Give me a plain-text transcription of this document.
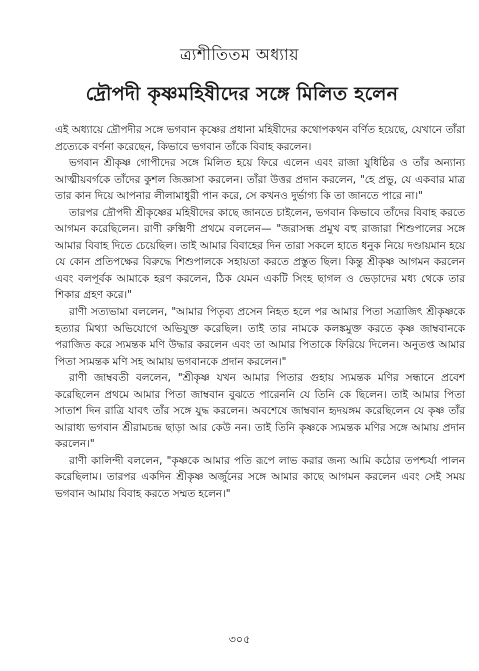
ত্র্যশীতিতম অধ্যায়
দ্রৌপদী কৃষ্ণমহিষীদের সঙ্গে মিলিত হলেন

এই অধ্যায়ে দ্রৌপদীর সঙ্গে ভগবান কৃষ্ণের প্রধানা মহিষীদের কথোপকথন বর্ণিত হয়েছে, যেখানে তাঁরা প্রত্যেকে বর্ণনা করেছেন, কিভাবে ভগবান তাঁকে বিবাহ করলেন।

ভগবান শ্রীকৃষ্ণ গোপীদের সঙ্গে মিলিত হয়ে ফিরে এলেন এবং রাজা যুধিষ্ঠির ও তাঁর অন্যান্য আত্মীয়বর্গকে তাঁদের কুশল জিজ্ঞাসা করলেন। তাঁরা উত্তর প্রদান করলেন, "হে প্রভু, যে একবার মাত্র তার কান দিয়ে আপনার লীলামাধুরী পান করে, সে কখনও দুর্ভাগ্য কি তা জানতে পারে না।"

তারপর দ্রৌপদী শ্রীকৃষ্ণের মহিষীদের কাছে জানতে চাইলেন, ভগবান কিভাবে তাঁদের বিবাহ করতে আগমন করেছিলেন। রাণী রুক্মিণী প্রথমে বললেন— "জরাসন্ধ প্রমুখ বহু রাজারা শিশুপালের সঙ্গে আমার বিবাহ দিতে চেয়েছিল। তাই আমার বিবাহের দিন তারা সকলে হাতে ধনুক নিয়ে দণ্ডায়মান হয়ে যে কোন প্রতিপক্ষের বিরুদ্ধে শিশুপালকে সহায়তা করতে প্রস্তুত ছিল। কিন্তু শ্রীকৃষ্ণ আগমন করলেন এবং বলপূর্বক আমাকে হরণ করলেন, ঠিক যেমন একটি সিংহ ছাগল ও ভেড়াদের মধ্য থেকে তার শিকার গ্রহণ করে।"

রাণী সত্যভামা বললেন, "আমার পিতৃব্য প্রসেন নিহত হলে পর আমার পিতা সত্রাজিৎ শ্রীকৃষ্ণকে হত্যার মিথ্যা অভিযোগে অভিযুক্ত করেছিল। তাই তার নামকে কলঙ্কমুক্ত করতে কৃষ্ণ জাম্ববানকে পরাজিত করে স্যমন্তক মণি উদ্ধার করলেন এবং তা আমার পিতাকে ফিরিয়ে দিলেন। অনুতপ্ত আমার পিতা স্যমন্তক মণি সহ আমায় ভগবানকে প্রদান করলেন।"

রাণী জাম্ববতী বললেন, "শ্রীকৃষ্ণ যখন আমার পিতার গুহায় স্যমন্তক মণির সন্ধানে প্রবেশ করেছিলেন প্রথমে আমার পিতা জাম্ববান বুঝতে পারেননি যে তিনি কে ছিলেন। তাই আমার পিতা সাতাশ দিন রাত্রি যাবৎ তাঁর সঙ্গে যুদ্ধ করলেন। অবশেষে জাম্ববান হৃদয়ঙ্গম করেছিলেন যে কৃষ্ণ তাঁর আরাধ্য ভগবান শ্রীরামচন্দ্র ছাড়া আর কেউ নন। তাই তিনি কৃষ্ণকে স্যমন্তক মণির সঙ্গে আমায় প্রদান করলেন।"

রাণী কালিন্দী বললেন, "কৃষ্ণকে আমার পতি রূপে লাভ করার জন্য আমি কঠোর তপশ্চর্যা পালন করেছিলাম। তারপর একদিন শ্রীকৃষ্ণ অর্জুনের সঙ্গে আমার কাছে আগমন করলেন এবং সেই সময় ভগবান আমায় বিবাহ করতে সম্মত হলেন।"

৩০৫
